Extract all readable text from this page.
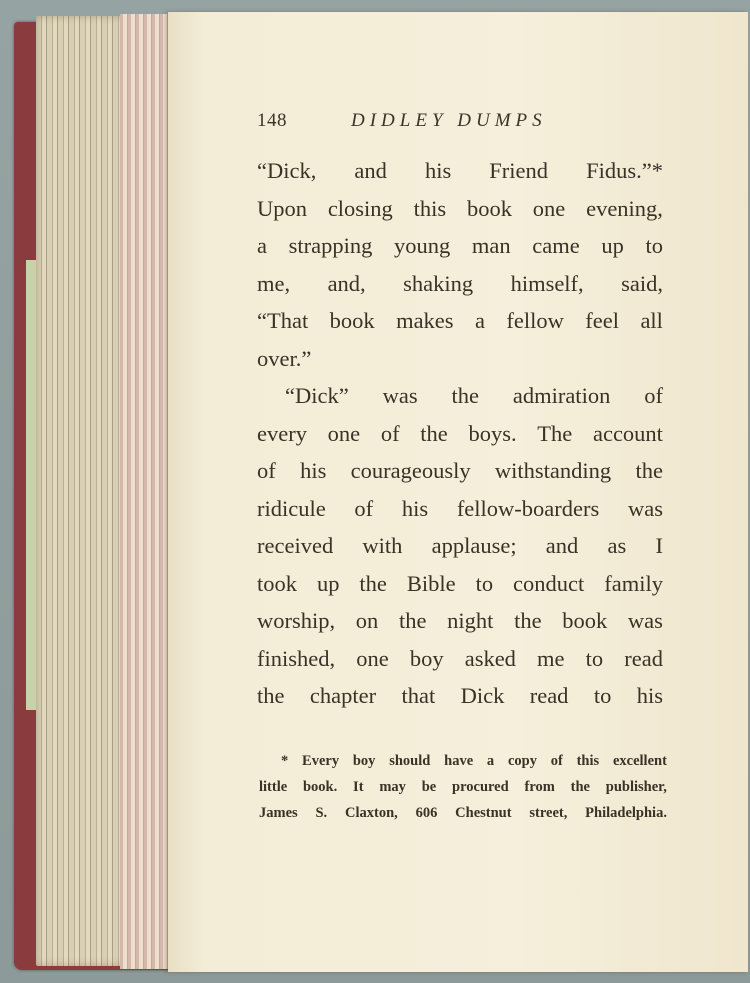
148	DIDLEY DUMPS
“Dick, and his Friend Fidus.”*
Upon closing this book one evening,
a strapping young man came up to
me, and, shaking himself, said,
“That book makes a fellow feel all
over.”
“Dick” was the admiration of
every one of the boys. The account
of his courageously withstanding the
ridicule of his fellow-boarders was
received with applause; and as I
took up the Bible to conduct family
worship, on the night the book was
finished, one boy asked me to read
the chapter that Dick read to his
* Every boy should have a copy of this excellent
little book. It may be procured from the publisher,
James S. Claxton, 606 Chestnut street, Philadelphia.
